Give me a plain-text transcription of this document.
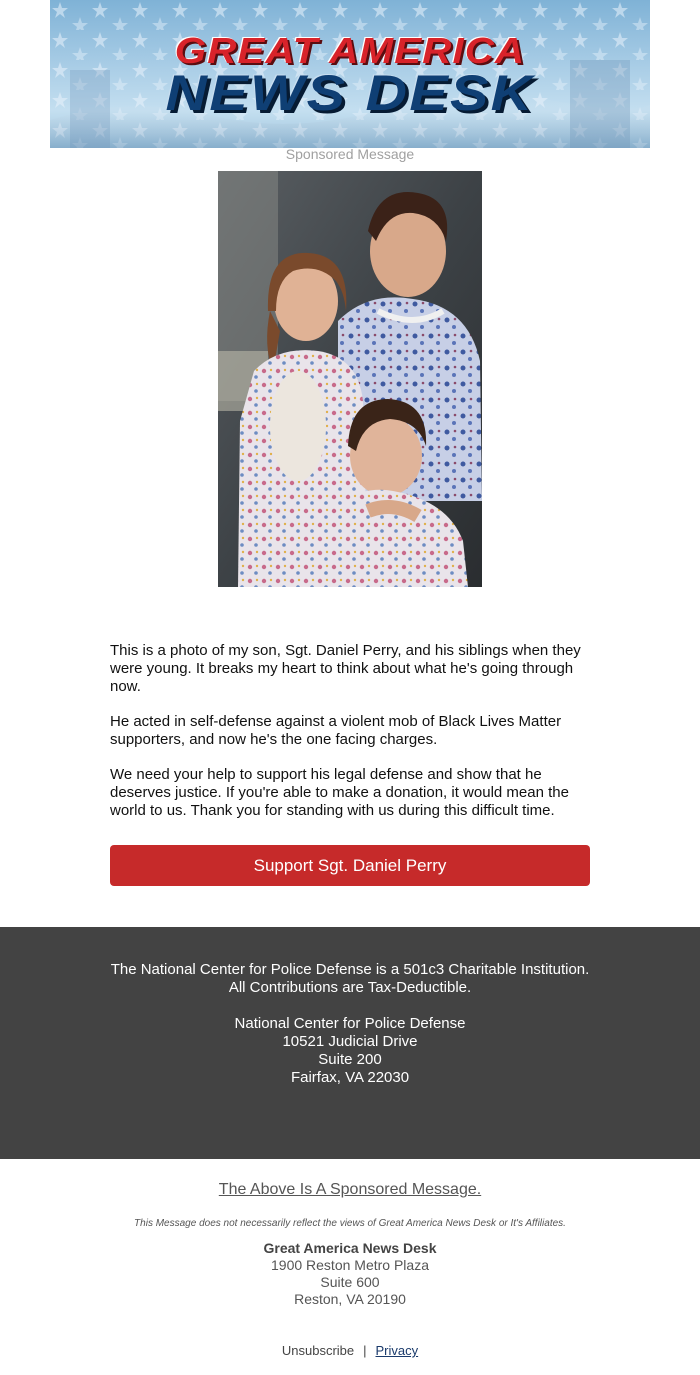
GREAT AMERICA
NEWS DESK
Sponsored Message

This is a photo of my son, Sgt. Daniel Perry, and his siblings when they were young. It breaks my heart to think about what he's going through now.

He acted in self-defense against a violent mob of Black Lives Matter supporters, and now he's the one facing charges.

We need your help to support his legal defense and show that he deserves justice. If you're able to make a donation, it would mean the world to us. Thank you for standing with us during this difficult time.

Support Sgt. Daniel Perry
The National Center for Police Defense is a 501c3 Charitable Institution.
All Contributions are Tax-Deductible.
National Center for Police Defense
10521 Judicial Drive
Suite 200
Fairfax, VA 22030
The Above Is A Sponsored Message.
This Message does not necessarily reflect the views of Great America News Desk or It's Affiliates.
Great America News Desk
1900 Reston Metro Plaza
Suite 600
Reston, VA 20190
Unsubscribe | Privacy
